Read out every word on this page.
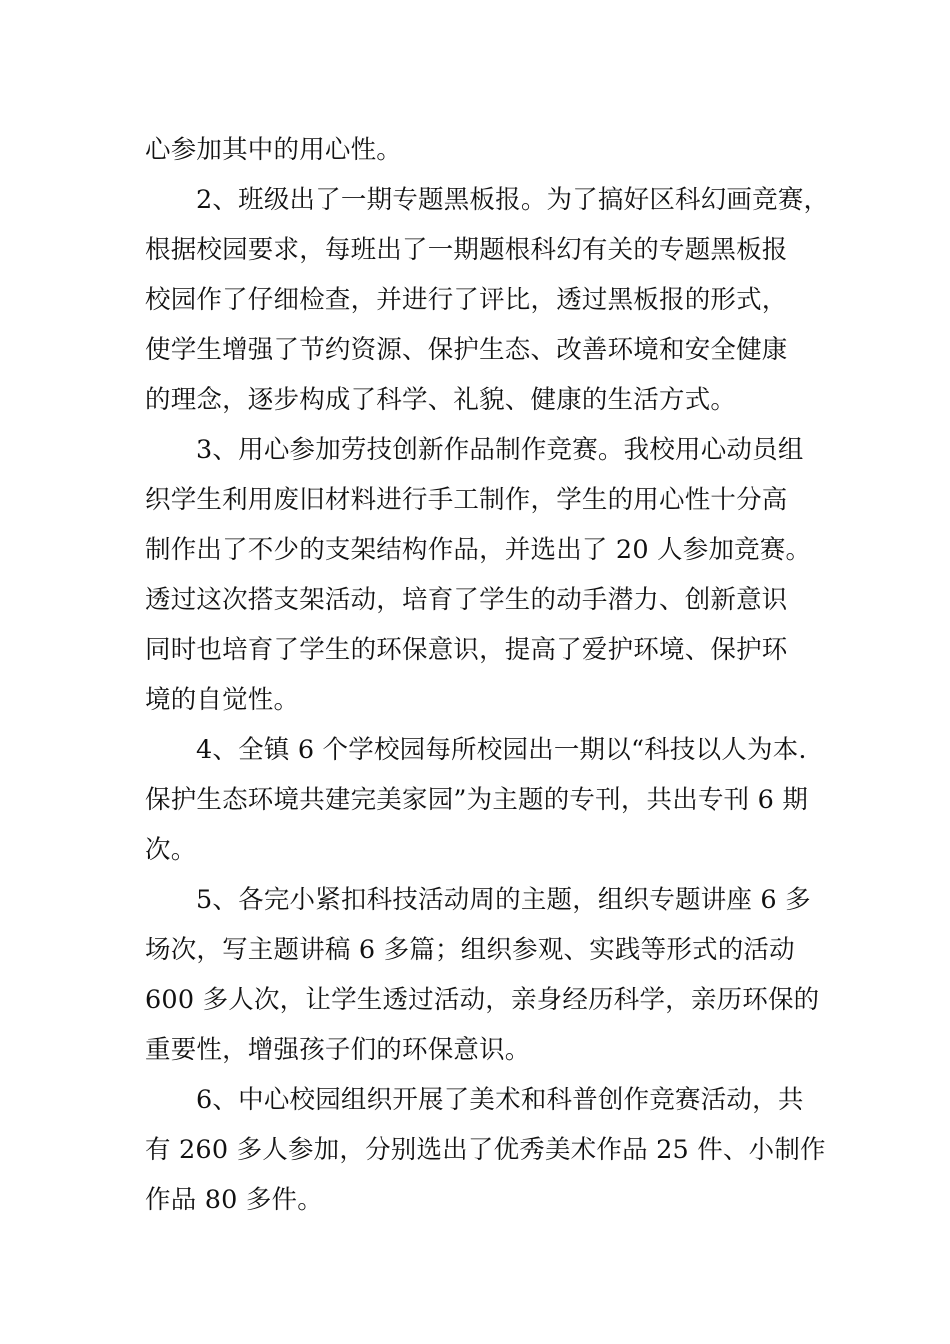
心参加其中的用心性。
2、班级出了一期专题黑板报。为了搞好区科幻画竞赛，
根据校园要求，每班出了一期题根科幻有关的专题黑板报
校园作了仔细检查，并进行了评比，透过黑板报的形式，
使学生增强了节约资源、保护生态、改善环境和安全健康
的理念，逐步构成了科学、礼貌、健康的生活方式。
3、用心参加劳技创新作品制作竞赛。我校用心动员组
织学生利用废旧材料进行手工制作，学生的用心性十分高
制作出了不少的支架结构作品，并选出了 20 人参加竞赛。
透过这次搭支架活动，培育了学生的动手潜力、创新意识
同时也培育了学生的环保意识，提高了爱护环境、保护环
境的自觉性。
4、全镇 6 个学校园每所校园出一期以“科技以人为本.
保护生态环境共建完美家园”为主题的专刊，共出专刊 6 期
次。
5、各完小紧扣科技活动周的主题，组织专题讲座 6 多
场次，写主题讲稿 6 多篇；组织参观、实践等形式的活动
600 多人次，让学生透过活动，亲身经历科学，亲历环保的
重要性，增强孩子们的环保意识。
6、中心校园组织开展了美术和科普创作竞赛活动，共
有 260 多人参加，分别选出了优秀美术作品 25 件、小制作
作品 80 多件。
